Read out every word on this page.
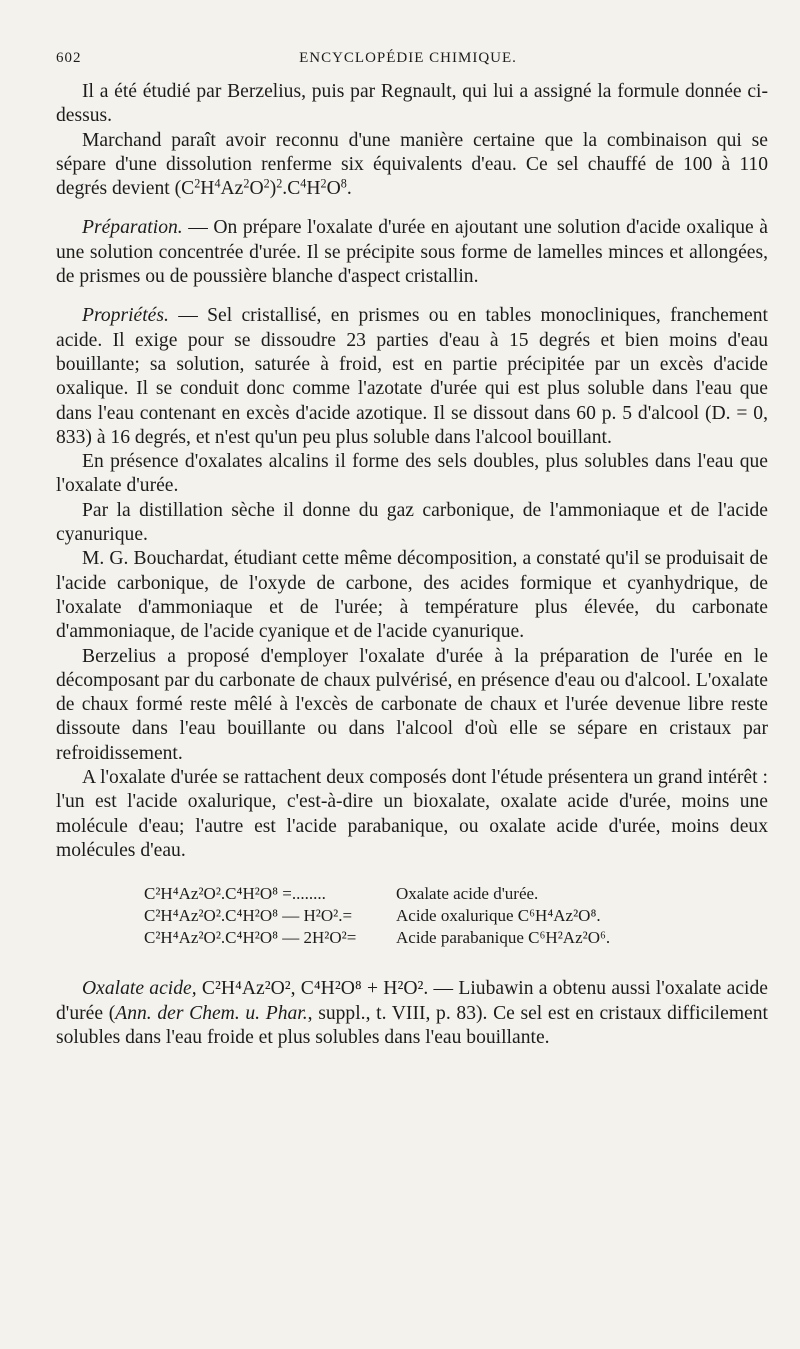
602	ENCYCLOPÉDIE CHIMIQUE.

Il a été étudié par Berzelius, puis par Regnault, qui lui a assigné la formule donnée ci-dessus.

Marchand paraît avoir reconnu d'une manière certaine que la combinaison qui se sépare d'une dissolution renferme six équivalents d'eau. Ce sel chauffé de 100 à 110 degrés devient $(C^2H^4Az^2O^2)^2.C^4H^2O^8$.

Préparation. — On prépare l'oxalate d'urée en ajoutant une solution d'acide oxalique à une solution concentrée d'urée. Il se précipite sous forme de lamelles minces et allongées, de prismes ou de poussière blanche d'aspect cristallin.

Propriétés. — Sel cristallisé, en prismes ou en tables monocliniques, franchement acide. Il exige pour se dissoudre 23 parties d'eau à 15 degrés et bien moins d'eau bouillante; sa solution, saturée à froid, est en partie précipitée par un excès d'acide oxalique. Il se conduit donc comme l'azotate d'urée qui est plus soluble dans l'eau que dans l'eau contenant en excès d'acide azotique. Il se dissout dans 60 p. 5 d'alcool (D. = 0, 833) à 16 degrés, et n'est qu'un peu plus soluble dans l'alcool bouillant.

En présence d'oxalates alcalins il forme des sels doubles, plus solubles dans l'eau que l'oxalate d'urée.

Par la distillation sèche il donne du gaz carbonique, de l'ammoniaque et de l'acide cyanurique.

M. G. Bouchardat, étudiant cette même décomposition, a constaté qu'il se produisait de l'acide carbonique, de l'oxyde de carbone, des acides formique et cyanhydrique, de l'oxalate d'ammoniaque et de l'urée; à température plus élevée, du carbonate d'ammoniaque, de l'acide cyanique et de l'acide cyanurique.

Berzelius a proposé d'employer l'oxalate d'urée à la préparation de l'urée en le décomposant par du carbonate de chaux pulvérisé, en présence d'eau ou d'alcool. L'oxalate de chaux formé reste mêlé à l'excès de carbonate de chaux et l'urée devenue libre reste dissoute dans l'eau bouillante ou dans l'alcool d'où elle se sépare en cristaux par refroidissement.

A l'oxalate d'urée se rattachent deux composés dont l'étude présentera un grand intérêt : l'un est l'acide oxalurique, c'est-à-dire un bioxalate, oxalate acide d'urée, moins une molécule d'eau; l'autre est l'acide parabanique, ou oxalate acide d'urée, moins deux molécules d'eau.

C²H⁴Az²O².C⁴H²O⁸ =........	Oxalate acide d'urée.
C²H⁴Az²O².C⁴H²O⁸ — H²O².=	Acide oxalurique C⁶H⁴Az²O⁸.
C²H⁴Az²O².C⁴H²O⁸ — 2H²O²=	Acide parabanique C⁶H²Az²O⁶.

Oxalate acide, C²H⁴Az²O², C⁴H²O⁸ + H²O². — Liubawin a obtenu aussi l'oxalate acide d'urée (Ann. der Chem. u. Phar., suppl., t. VIII, p. 83). Ce sel est en cristaux difficilement solubles dans l'eau froide et plus solubles dans l'eau bouillante.
